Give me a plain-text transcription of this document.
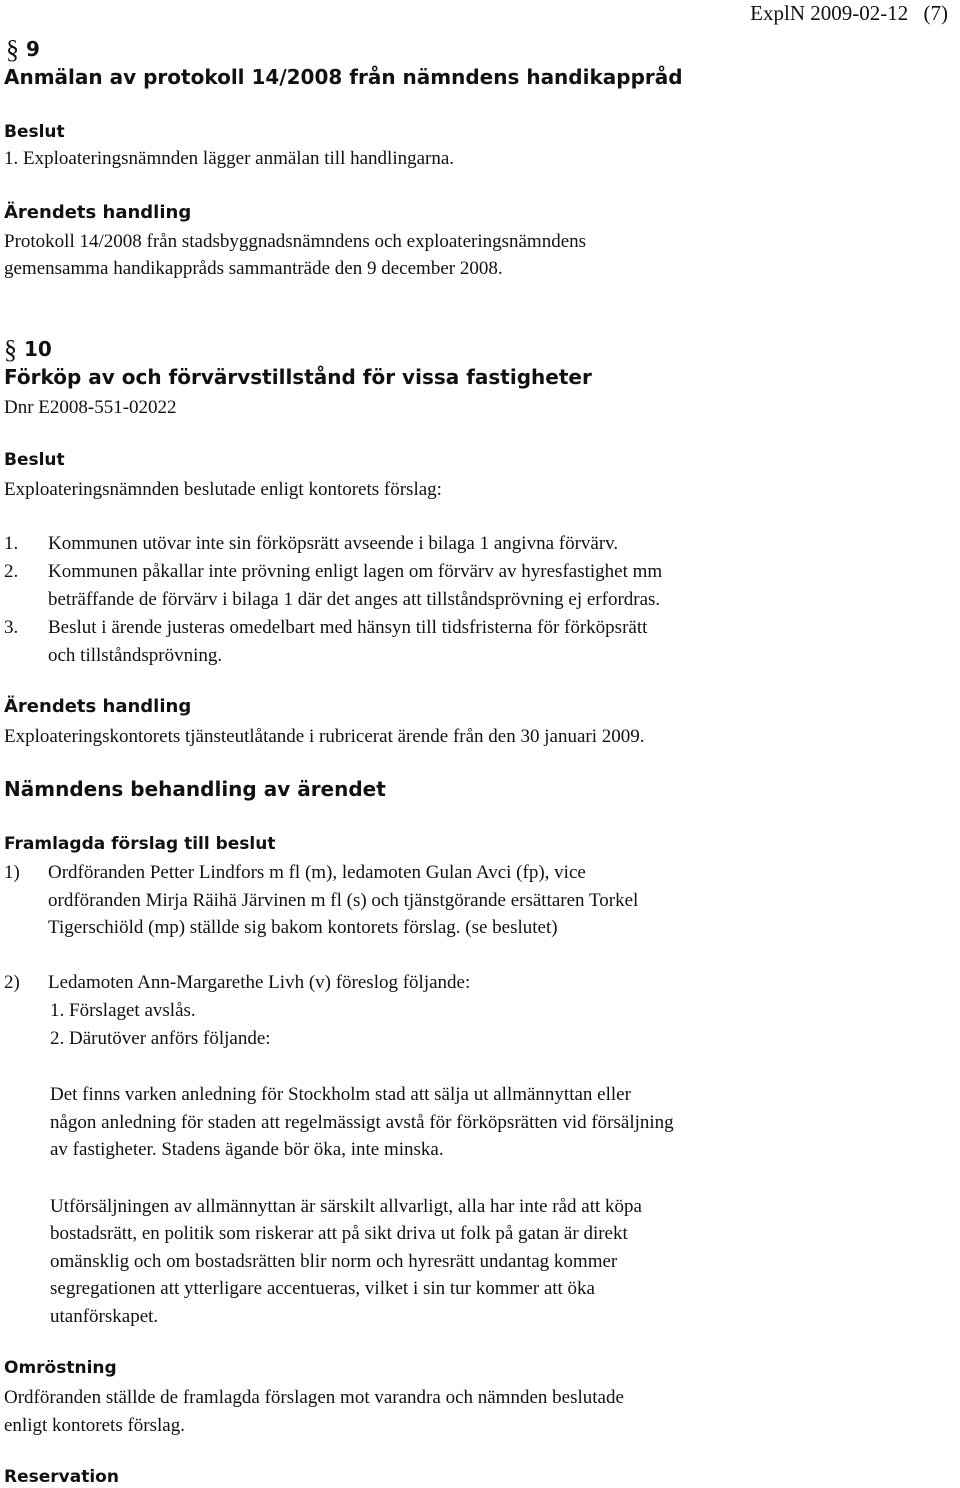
ExplN 2009-02-12 (7)
§ 9
Anmälan av protokoll 14/2008 från nämndens handikappråd
Beslut
1. Exploateringsnämnden lägger anmälan till handlingarna.
Ärendets handling
Protokoll 14/2008 från stadsbyggnadsnämndens och exploateringsnämndens
gemensamma handikappråds sammanträde den 9 december 2008.
§ 10
Förköp av och förvärvstillstånd för vissa fastigheter
Dnr E2008-551-02022
Beslut
Exploateringsnämnden beslutade enligt kontorets förslag:
1. Kommunen utövar inte sin förköpsrätt avseende i bilaga 1 angivna förvärv.
2. Kommunen påkallar inte prövning enligt lagen om förvärv av hyresfastighet mm
beträffande de förvärv i bilaga 1 där det anges att tillståndsprövning ej erfordras.
3. Beslut i ärende justeras omedelbart med hänsyn till tidsfristerna för förköpsrätt
och tillståndsprövning.
Ärendets handling
Exploateringskontorets tjänsteutlåtande i rubricerat ärende från den 30 januari 2009.
Nämndens behandling av ärendet
Framlagda förslag till beslut
1) Ordföranden Petter Lindfors m fl (m), ledamoten Gulan Avci (fp), vice
ordföranden Mirja Räihä Järvinen m fl (s) och tjänstgörande ersättaren Torkel
Tigerschiöld (mp) ställde sig bakom kontorets förslag. (se beslutet)
2) Ledamoten Ann-Margarethe Livh (v) föreslog följande:
1. Förslaget avslås.
2. Därutöver anförs följande:
Det finns varken anledning för Stockholm stad att sälja ut allmännyttan eller
någon anledning för staden att regelmässigt avstå för förköpsrätten vid försäljning
av fastigheter. Stadens ägande bör öka, inte minska.
Utförsäljningen av allmännyttan är särskilt allvarligt, alla har inte råd att köpa
bostadsrätt, en politik som riskerar att på sikt driva ut folk på gatan är direkt
omänsklig och om bostadsrätten blir norm och hyresrätt undantag kommer
segregationen att ytterligare accentueras, vilket i sin tur kommer att öka
utanförskapet.
Omröstning
Ordföranden ställde de framlagda förslagen mot varandra och nämnden beslutade
enligt kontorets förslag.
Reservation
